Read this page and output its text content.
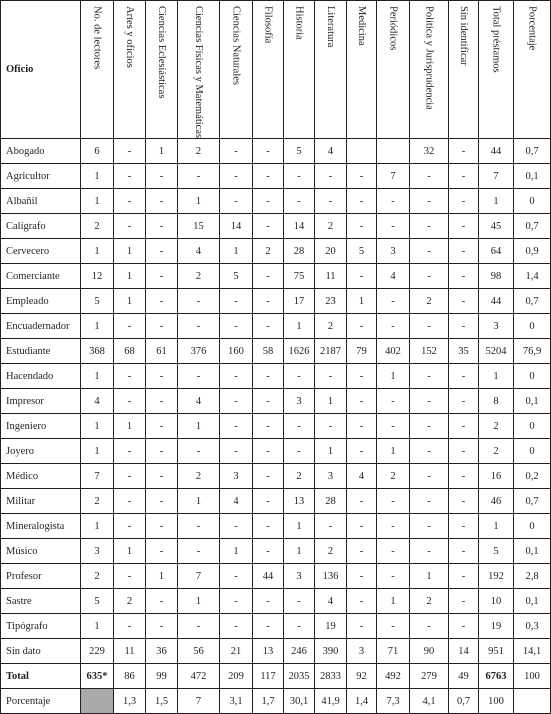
Oficio	No. de lectores	Artes y oficios	Ciencias Eclesiásticas	Ciencias Físicas y Matemáticas	Ciencias Naturales	Filosofía	Historia	Literatura	Medicina	Periódicos	Política y Jurisprudencia	Sin identificar	Total préstamos	Porcentaje

Abogado	6	-	1	2	-	-	5	4			32	-	44	0,7
Agricultor	1	-	-	-	-	-	-	-	-	7	-	-	7	0,1
Albañil	1	-	-	1	-	-	-	-	-	-	-	-	1	0
Calígrafo	2	-	-	15	14	-	14	2	-	-	-	-	45	0,7
Cervecero	1	1	-	4	1	2	28	20	5	3	-	-	64	0,9
Comerciante	12	1	-	2	5	-	75	11	-	4	-	-	98	1,4
Empleado	5	1	-	-	-	-	17	23	1	-	2	-	44	0,7
Encuadernador	1	-	-	-	-	-	1	2	-	-	-	-	3	0
Estudiante	368	68	61	376	160	58	1626	2187	79	402	152	35	5204	76,9
Hacendado	1	-	-	-	-	-	-	-	-	1	-	-	1	0
Impresor	4	-	-	4	-	-	3	1	-	-	-	-	8	0,1
Ingeniero	1	1	-	1	-	-	-	-	-	-	-	-	2	0
Joyero	1	-	-	-	-	-	-	1	-	1	-	-	2	0
Médico	7	-	-	2	3	-	2	3	4	2	-	-	16	0,2
Militar	2	-	-	1	4	-	13	28	-	-	-	-	46	0,7
Mineralogista	1	-	-	-	-	-	1	-	-	-	-	-	1	0
Músico	3	1	-	-	1	-	1	2	-	-	-	-	5	0,1
Profesor	2	-	1	7	-	44	3	136	-	-	1	-	192	2,8
Sastre	5	2	-	1	-	-	-	4	-	1	2	-	10	0,1
Tipógrafo	1	-	-	-	-	-	-	19	-	-	-	-	19	0,3
Sin dato	229	11	36	56	21	13	246	390	3	71	90	14	951	14,1
Total	635*	86	99	472	209	117	2035	2833	92	492	279	49	6763	100
Porcentaje		1,3	1,5	7	3,1	1,7	30,1	41,9	1,4	7,3	4,1	0,7	100	
